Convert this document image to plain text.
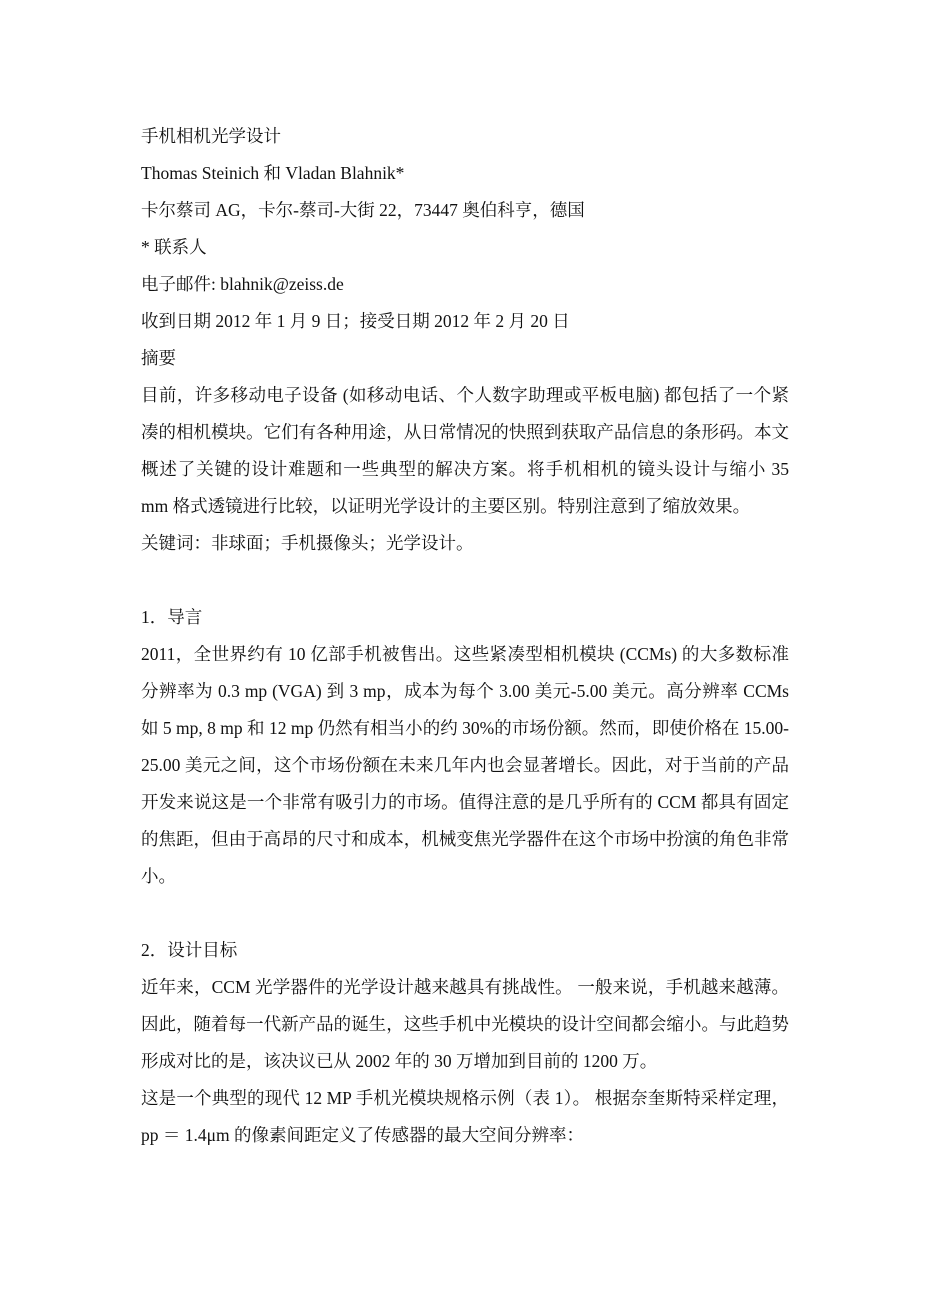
手机相机光学设计
Thomas Steinich 和 Vladan Blahnik*
卡尔蔡司 AG，卡尔-蔡司-大街 22，73447 奥伯科亨，德国
* 联系人
电子邮件: blahnik@zeiss.de
收到日期 2012 年 1 月 9 日；接受日期 2012 年 2 月 20 日
摘要

目前，许多移动电子设备 (如移动电话、个人数字助理或平板电脑) 都包括了一个紧凑的相机模块。它们有各种用途，从日常情况的快照到获取产品信息的条形码。本文概述了关键的设计难题和一些典型的解决方案。将手机相机的镜头设计与缩小 35 mm 格式透镜进行比较，以证明光学设计的主要区别。特别注意到了缩放效果。

关键词：非球面；手机摄像头；光学设计。
1．导言

2011，全世界约有 10 亿部手机被售出。这些紧凑型相机模块 (CCMs) 的大多数标准分辨率为 0.3 mp (VGA) 到 3 mp，成本为每个 3.00 美元-5.00 美元。高分辨率 CCMs 如 5 mp, 8 mp 和 12 mp 仍然有相当小的约 30%的市场份额。然而，即使价格在 15.00-25.00 美元之间，这个市场份额在未来几年内也会显著增长。因此，对于当前的产品开发来说这是一个非常有吸引力的市场。值得注意的是几乎所有的 CCM 都具有固定的焦距，但由于高昂的尺寸和成本，机械变焦光学器件在这个市场中扮演的角色非常小。

2．设计目标

近年来，CCM 光学器件的光学设计越来越具有挑战性。 一般来说，手机越来越薄。 因此，随着每一代新产品的诞生，这些手机中光模块的设计空间都会缩小。与此趋势形成对比的是，该决议已从 2002 年的 30 万增加到目前的 1200 万。

这是一个典型的现代 12 MP 手机光模块规格示例（表 1）。 根据奈奎斯特采样定理，pp ＝ 1.4μm 的像素间距定义了传感器的最大空间分辨率：
